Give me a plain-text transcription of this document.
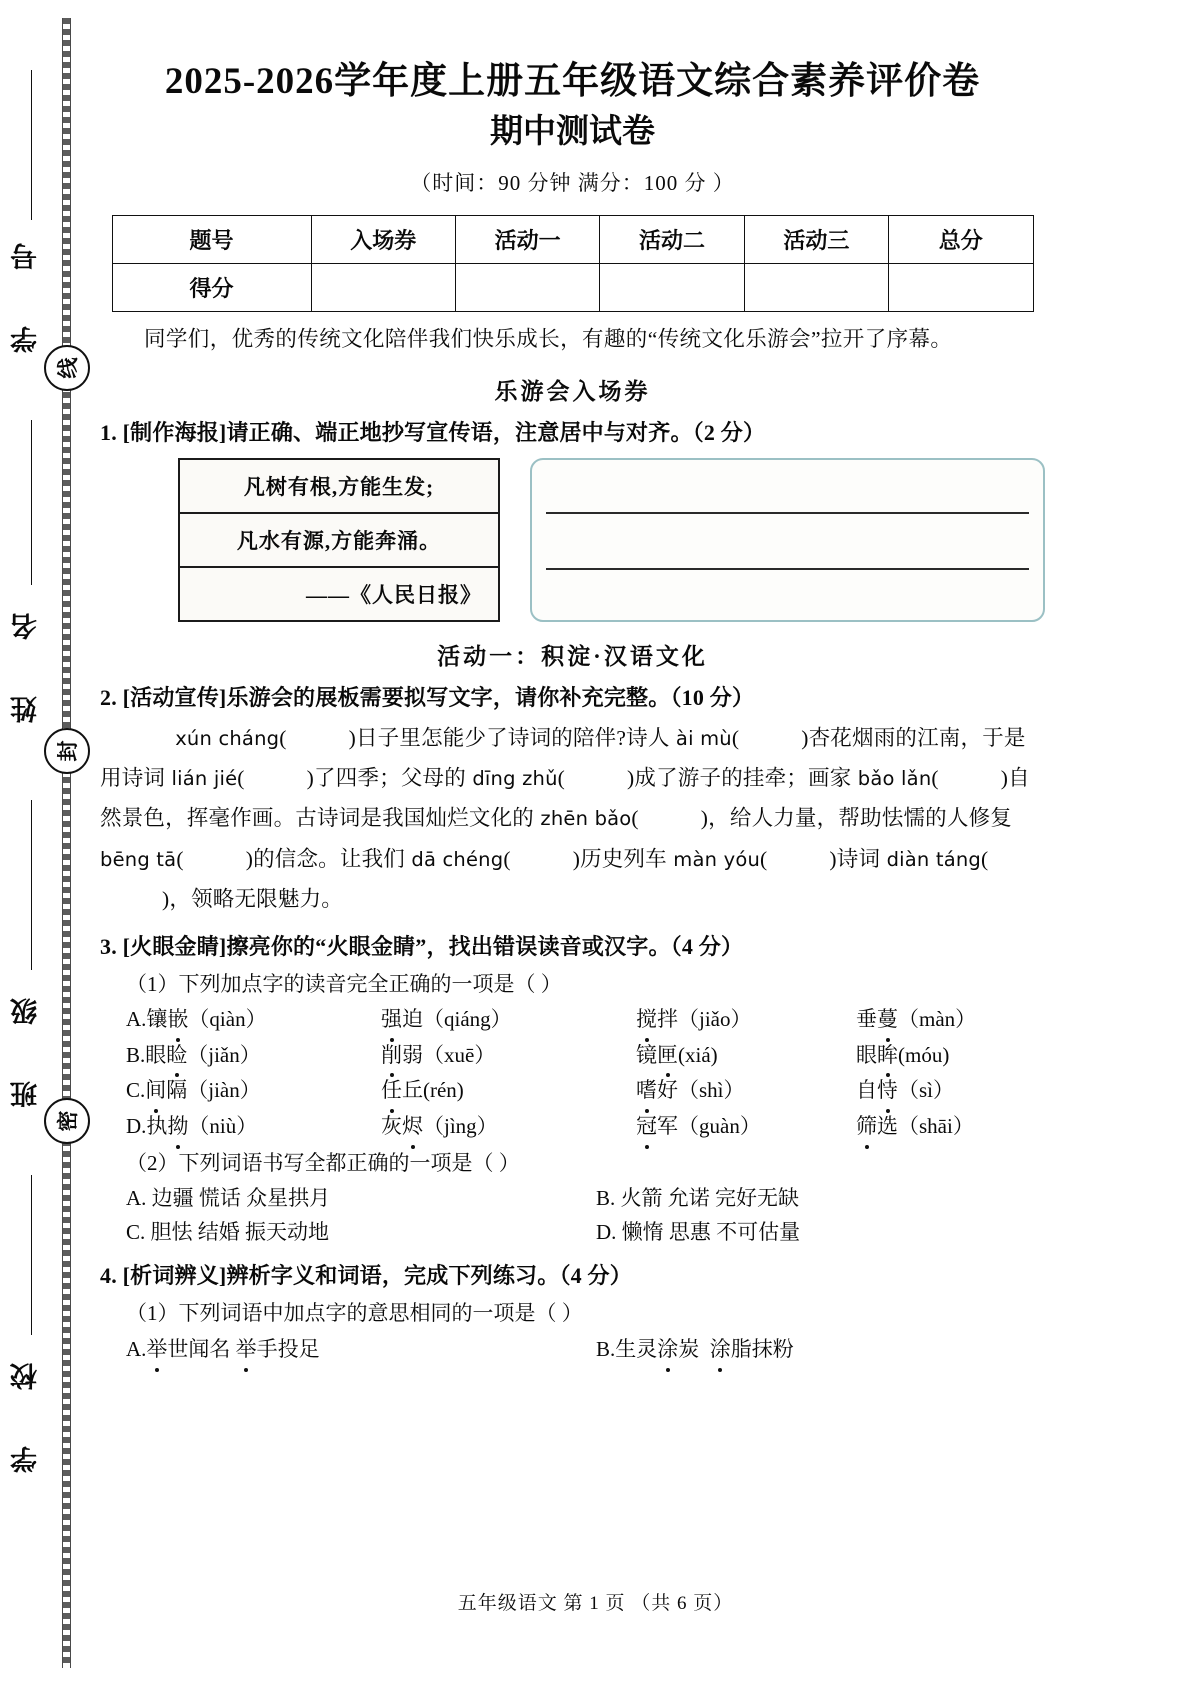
学 号
线
姓 名
封
班 级
密
学 校
2025-2026学年度上册五年级语文综合素养评价卷
期中测试卷
（时间：90 分钟 满分：100 分 ）
题号	入场券	活动一	活动二	活动三	总分
得分					
同学们，优秀的传统文化陪伴我们快乐成长，有趣的“传统文化乐游会”拉开了序幕。
乐游会入场券
1. [制作海报]请正确、端正地抄写宣传语，注意居中与对齐。（2 分）
凡树有根,方能生发;
凡水有源,方能奔涌。
——《人民日报》
活动一：积淀·汉语文化
2. [活动宣传]乐游会的展板需要拟写文字，请你补充完整。（10 分）
xún cháng(	)日子里怎能少了诗词的陪伴?诗人 ài mù(	)杏花烟雨的江南，于是用诗词 lián jié(	)了四季；父母的 dīng zhǔ(	)成了游子的挂牵；画家 bǎo lǎn(	)自然景色，挥毫作画。古诗词是我国灿烂文化的 zhēn bǎo(	)，给人力量，帮助怯懦的人修复 bēng tā(	)的信念。让我们 dā chéng(	)历史列车 màn yóu(	)诗词 diàn táng()，领略无限魅力。
3. [火眼金睛]擦亮你的“火眼金睛”，找出错误读音或汉字。（4 分）
（1）下列加点字的读音完全正确的一项是（ ）
A.镶嵌（qiàn）	强迫（qiáng）	搅拌（jiǎo）	垂蔓（màn）
B.眼睑（jiǎn）	削弱（xuē）	镜匣(xiá)	眼眸(móu)
C.间隔（jiàn）	任丘(rén)	嗜好（shì）	自恃（sì）
D.执拗（niù）	灰烬（jìng）	冠军（guàn）	筛选（shāi）
（2）下列词语书写全都正确的一项是（ ）
A. 边疆 慌话 众星拱月	B. 火箭 允诺 完好无缺
C. 胆怯 结婚 振天动地	D. 懒惰 思惠 不可估量
4. [析词辨义]辨析字义和词语，完成下列练习。（4 分）
（1）下列词语中加点字的意思相同的一项是（ ）
A.举世闻名 举手投足	B.生灵涂炭  涂脂抹粉
五年级语文 第 1 页 （共 6 页）
